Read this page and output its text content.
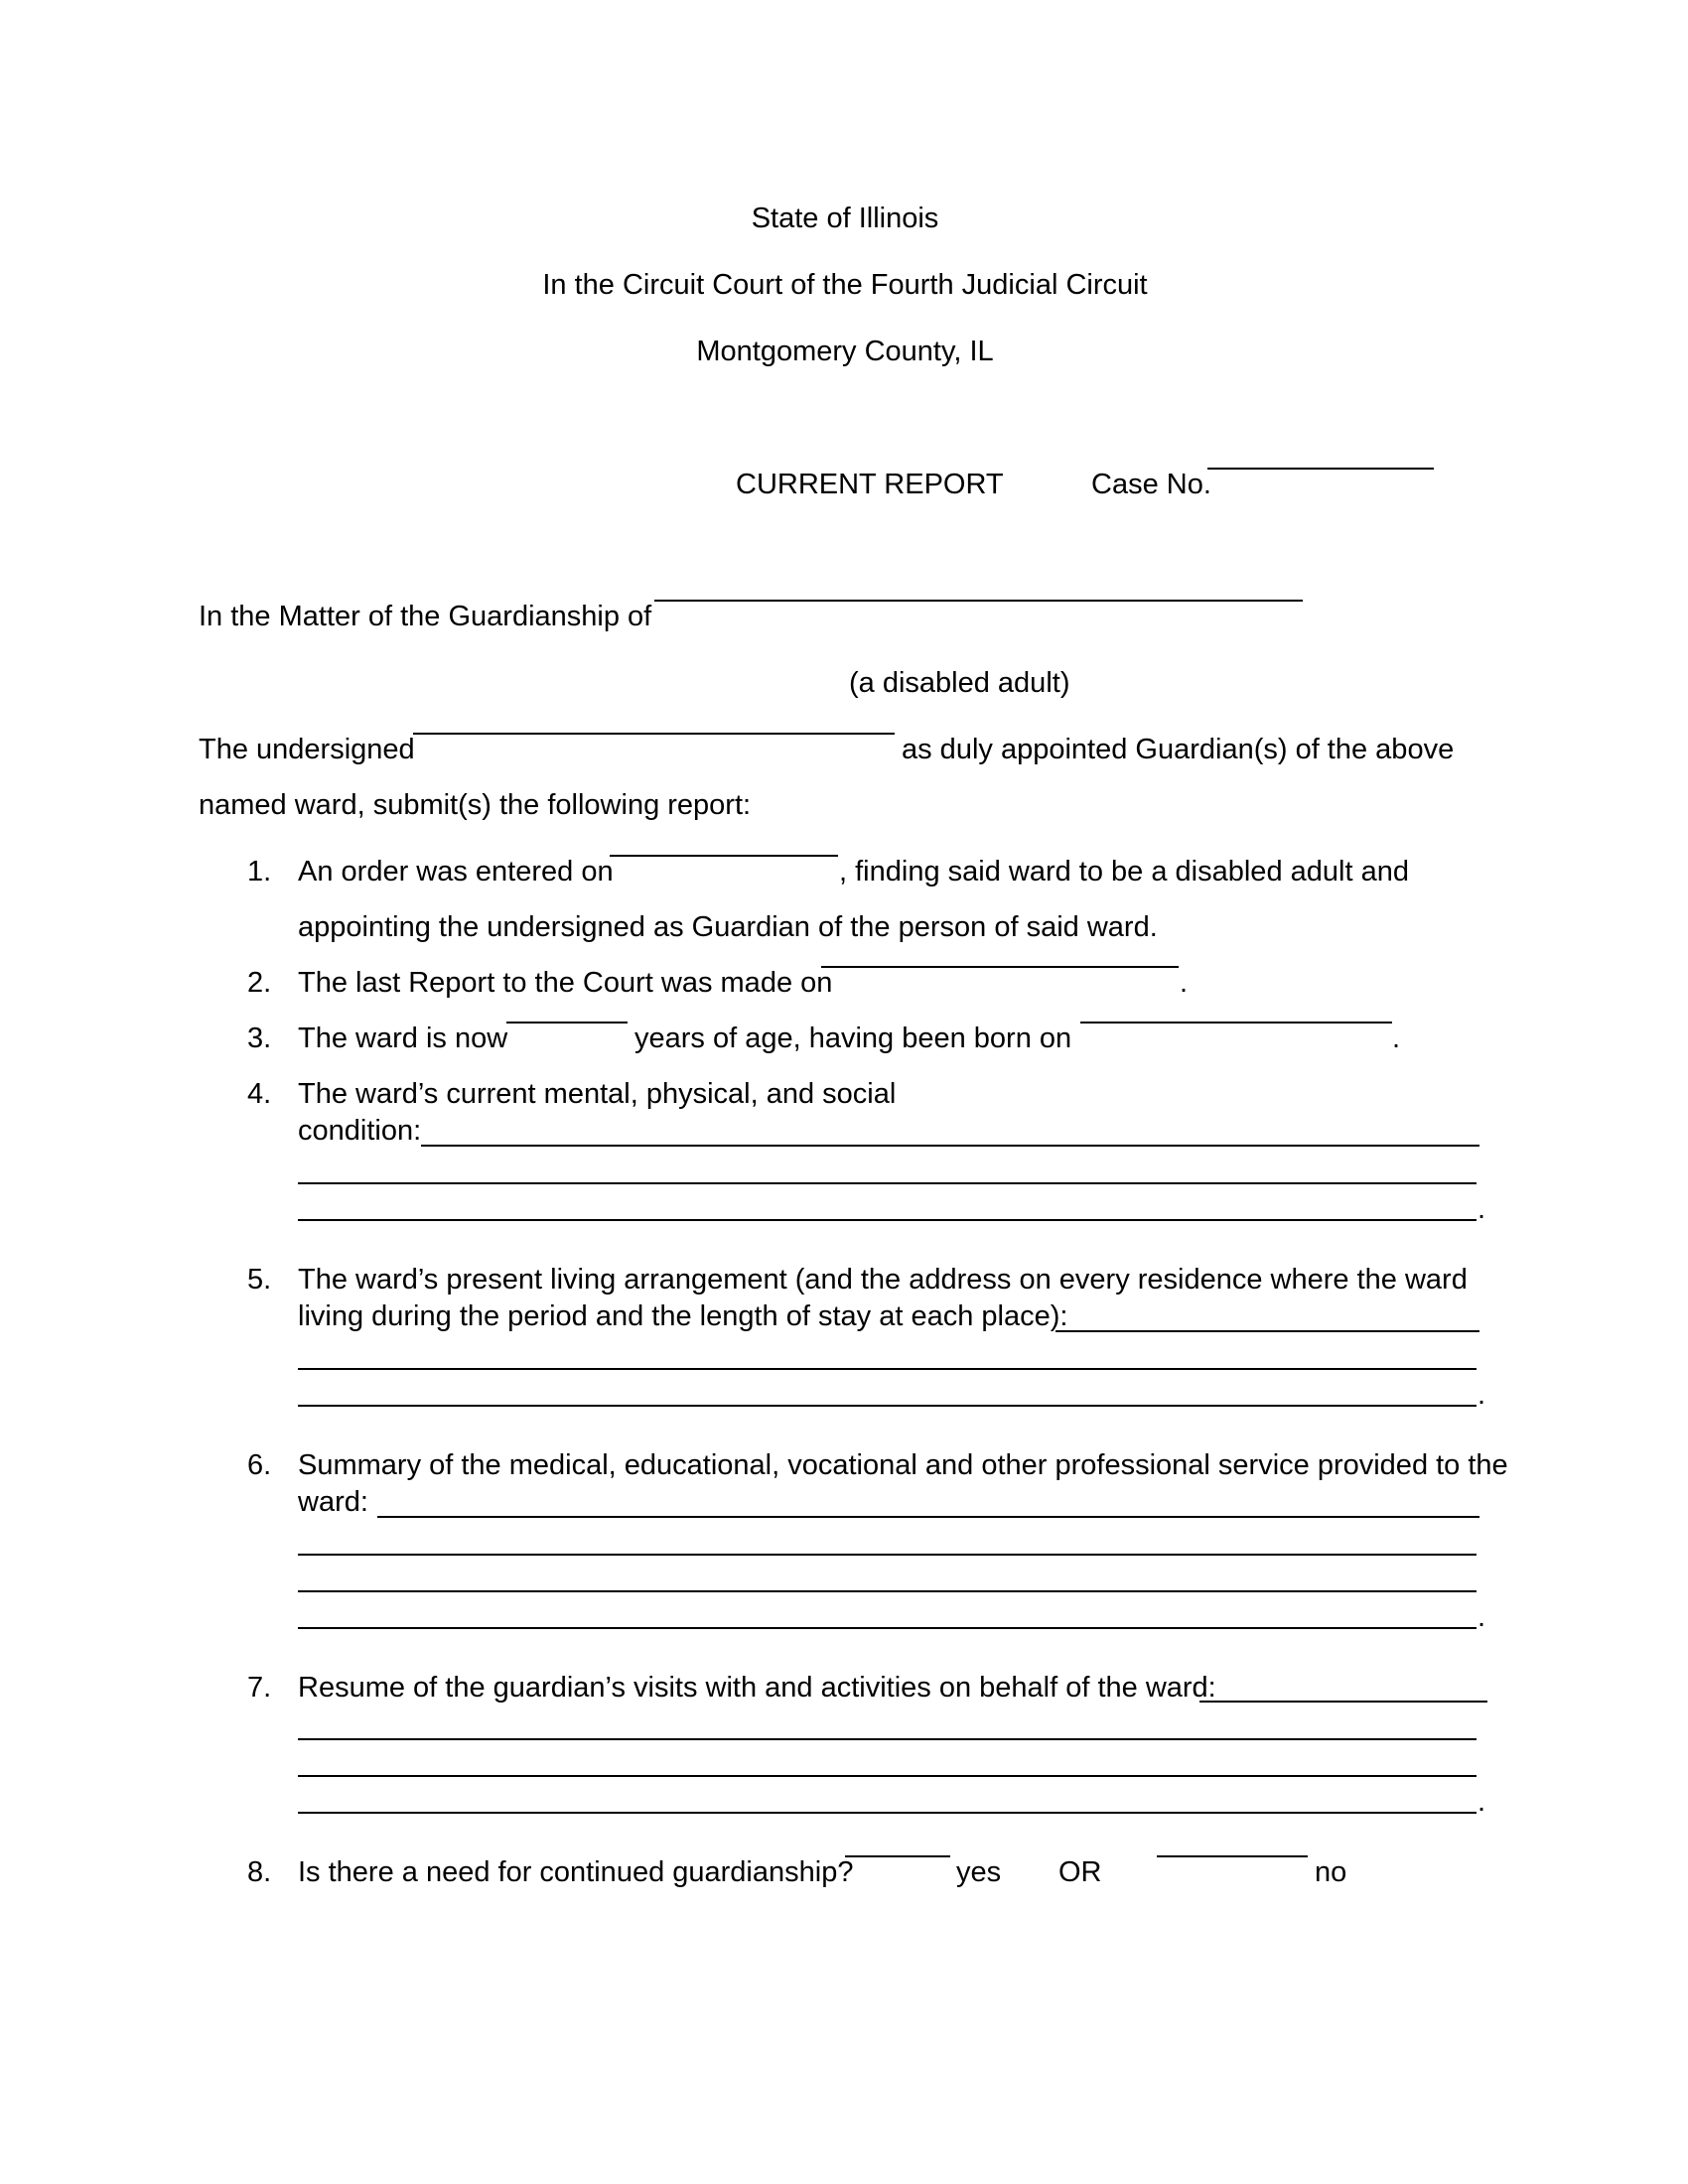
State of Illinois
In the Circuit Court of the Fourth Judicial Circuit
Montgomery County, IL
CURRENT REPORT	Case No.
In the Matter of the Guardianship of
(a disabled adult)
The undersigned	as duly appointed Guardian(s) of the above
named ward, submit(s) the following report:
1. An order was entered on	, finding said ward to be a disabled adult and
appointing the undersigned as Guardian of the person of said ward.
2. The last Report to the Court was made on	.
3. The ward is now	years of age, having been born on	.
4. The ward’s current mental, physical, and social
condition:
.
5. The ward’s present living arrangement (and the address on every residence where the ward
living during the period and the length of stay at each place):
.
6. Summary of the medical, educational, vocational and other professional service provided to the
ward:
.
7. Resume of the guardian’s visits with and activities on behalf of the ward:
.
8. Is there a need for continued guardianship?	yes OR	no
